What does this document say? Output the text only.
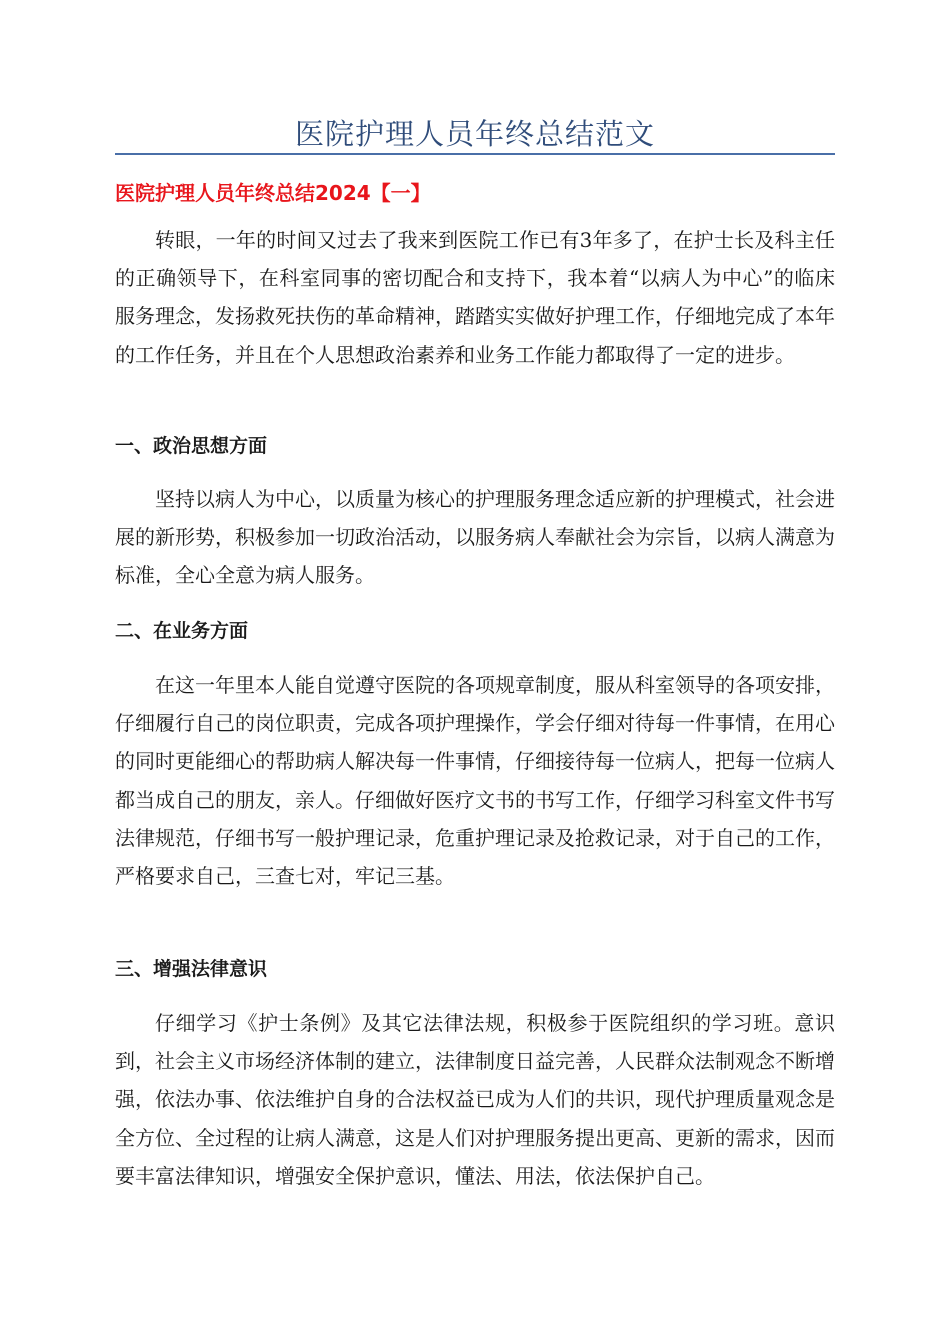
医院护理人员年终总结范文
医院护理人员年终总结2024【一】

转眼，一年的时间又过去了我来到医院工作已有3年多了，在护士长及科主任的正确领导下，在科室同事的密切配合和支持下，我本着“以病人为中心”的临床服务理念，发扬救死扶伤的革命精神，踏踏实实做好护理工作，仔细地完成了本年的工作任务，并且在个人思想政治素养和业务工作能力都取得了一定的进步。

一、政治思想方面

坚持以病人为中心，以质量为核心的护理服务理念适应新的护理模式，社会进展的新形势，积极参加一切政治活动，以服务病人奉献社会为宗旨，以病人满意为标准，全心全意为病人服务。

二、在业务方面

在这一年里本人能自觉遵守医院的各项规章制度，服从科室领导的各项安排，仔细履行自己的岗位职责，完成各项护理操作，学会仔细对待每一件事情，在用心的同时更能细心的帮助病人解决每一件事情，仔细接待每一位病人，把每一位病人都当成自己的朋友，亲人。仔细做好医疗文书的书写工作，仔细学习科室文件书写法律规范，仔细书写一般护理记录，危重护理记录及抢救记录，对于自己的工作，严格要求自己，三查七对，牢记三基。

三、增强法律意识

仔细学习《护士条例》及其它法律法规，积极参于医院组织的学习班。意识到，社会主义市场经济体制的建立，法律制度日益完善，人民群众法制观念不断增强，依法办事、依法维护自身的合法权益已成为人们的共识，现代护理质量观念是全方位、全过程的让病人满意，这是人们对护理服务提出更高、更新的需求，因而要丰富法律知识，增强安全保护意识，懂法、用法，依法保护自己。
